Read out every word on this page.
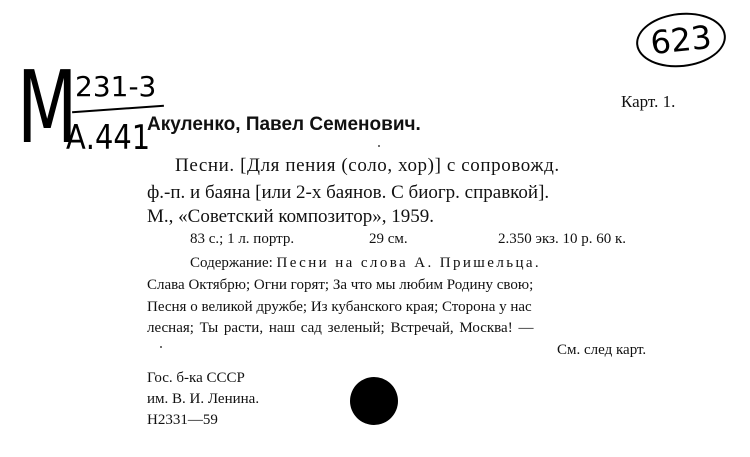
623
М
231-3
А.441
Карт. 1.
Акуленко, Павел Семенович.
Песни. [Для пения (соло, хор)] с сопровожд.
ф.-п. и баяна [или 2-х баянов. С биогр. справкой].
М., «Советский композитор», 1959.
83 с.; 1 л. портр.	29 см.	2.350 экз. 10 р. 60 к.
Содержание: Песни на слова А. Пришельца.
Слава Октябрю; Огни горят; За что мы любим Родину свою;
Песня о великой дружбе; Из кубанского края; Сторона у нас
лесная; Ты расти, наш сад зеленый; Встречай, Москва! —
См. след карт.
Гос. б-ка СССР
им. В. И. Ленина.
Н2331—59
